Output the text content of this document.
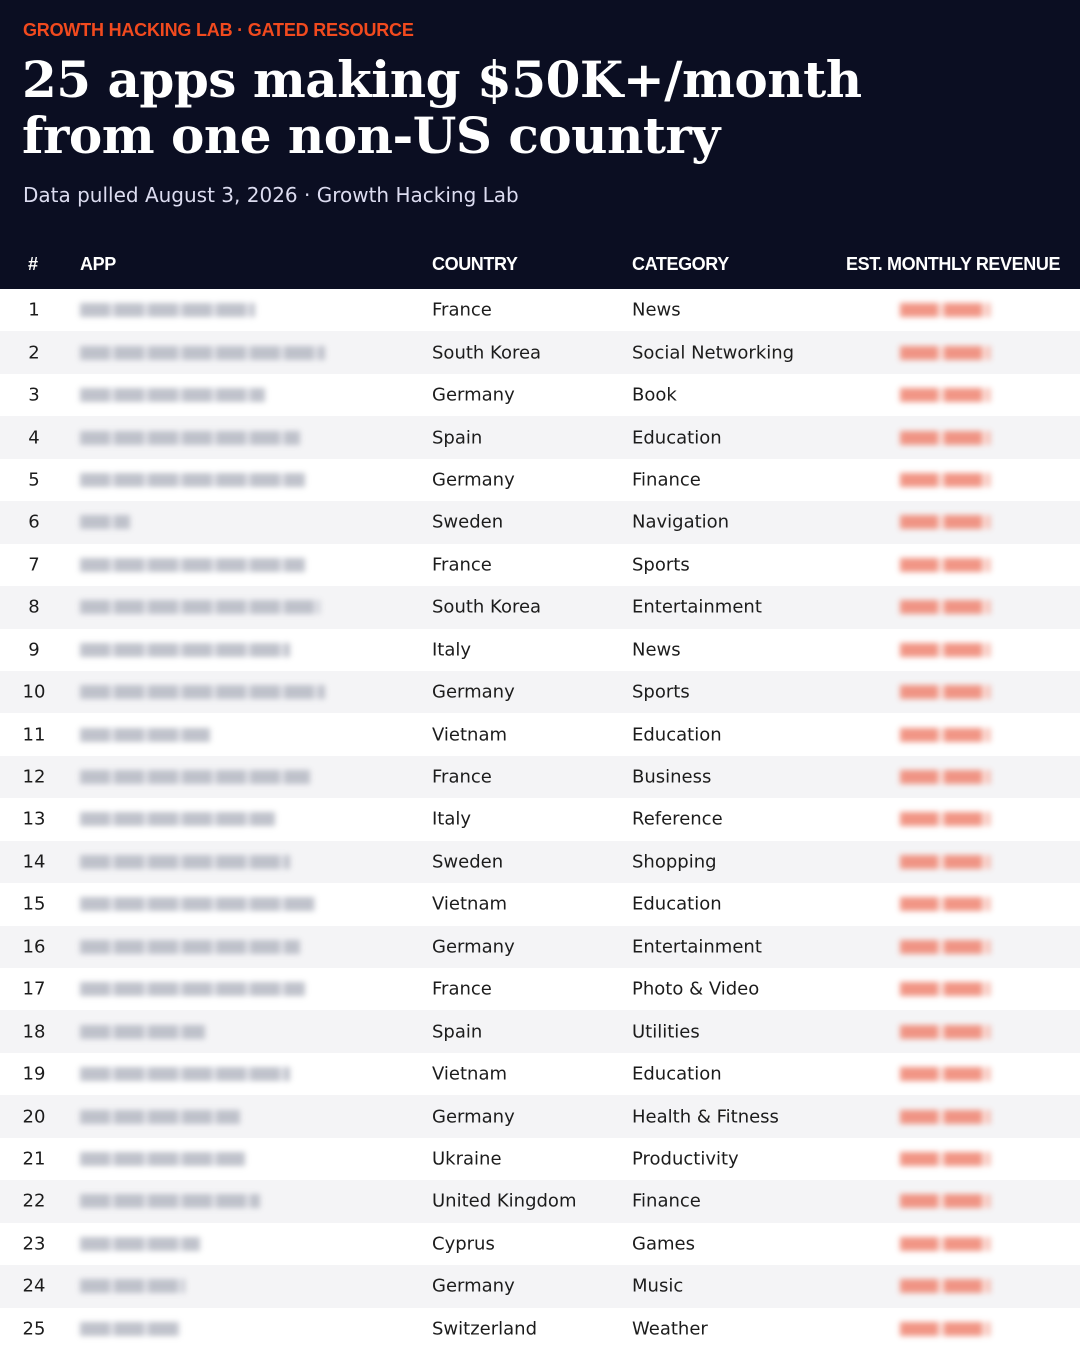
GROWTH HACKING LAB · GATED RESOURCE
25 apps making $50K+/month
from one non-US country
Data pulled August 3, 2026 · Growth Hacking Lab
# APP	COUNTRY	CATEGORY	EST. MONTHLY REVENUE
1	France	News
2	South Korea	Social Networking
3	Germany	Book
4	Spain	Education
5	Germany	Finance
6	Sweden	Navigation
7	France	Sports
8	South Korea	Entertainment
9	Italy	News
10	Germany	Sports
11	Vietnam	Education
12	France	Business
13	Italy	Reference
14	Sweden	Shopping
15	Vietnam	Education
16	Germany	Entertainment
17	France	Photo & Video
18	Spain	Utilities
19	Vietnam	Education
20	Germany	Health & Fitness
21	Ukraine	Productivity
22	United Kingdom	Finance
23	Cyprus	Games
24	Germany	Music
25	Switzerland	Weather
